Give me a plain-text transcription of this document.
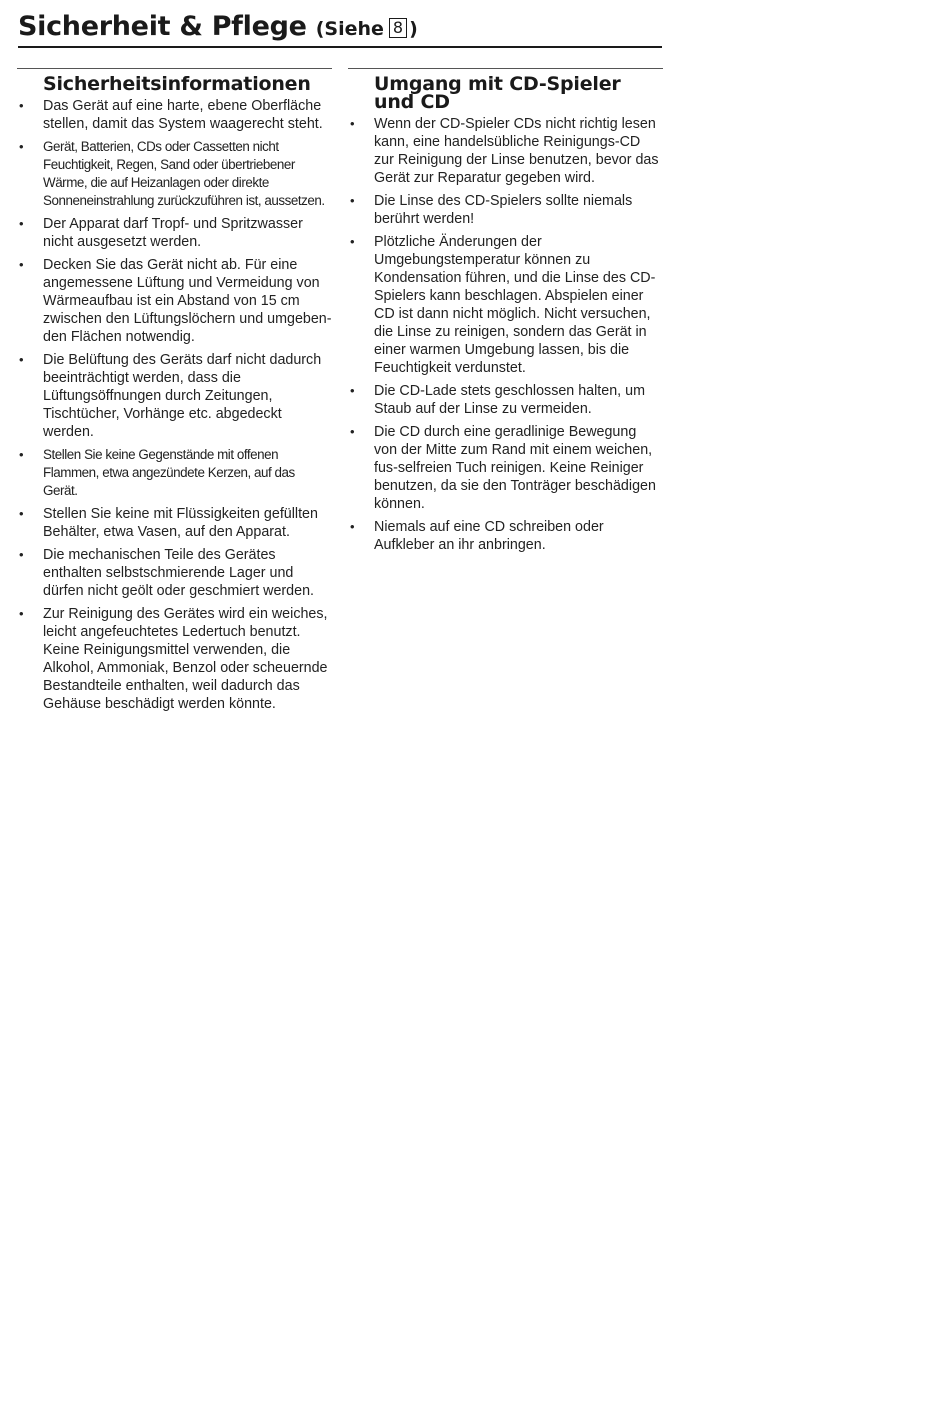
Sicherheit & Pflege (Siehe 8 )
Sicherheitsinformationen
• Das Gerät auf eine harte, ebene Oberfläche stellen, damit das System waagerecht steht.
• Gerät, Batterien, CDs oder Cassetten nicht Feuchtigkeit, Regen, Sand oder übertriebener Wärme, die auf Heizanlagen oder direkte Sonneneinstrahlung zurückzuführen ist, aussetzen.
• Der Apparat darf Tropf- und Spritzwasser nicht ausgesetzt werden.
• Decken Sie das Gerät nicht ab. Für eine angemessene Lüftung und Vermeidung von Wärmeaufbau ist ein Abstand von 15 cm zwischen den Lüftungslöchern und umgeben-den Flächen notwendig.
• Die Belüftung des Geräts darf nicht dadurch beeinträchtigt werden, dass die Lüftungsöffnungen durch Zeitungen, Tischtücher, Vorhänge etc. abgedeckt werden.
• Stellen Sie keine Gegenstände mit offenen Flammen, etwa angezündete Kerzen, auf das Gerät.
• Stellen Sie keine mit Flüssigkeiten gefüllten Behälter, etwa Vasen, auf den Apparat.
• Die mechanischen Teile des Gerätes enthalten selbstschmierende Lager und dürfen nicht geölt oder geschmiert werden.
• Zur Reinigung des Gerätes wird ein weiches, leicht angefeuchtetes Ledertuch benutzt. Keine Reinigungsmittel verwenden, die Alkohol, Ammoniak, Benzol oder scheuernde Bestandteile enthalten, weil dadurch das Gehäuse beschädigt werden könnte.
Umgang mit CD-Spieler und CD
• Wenn der CD-Spieler CDs nicht richtig lesen kann, eine handelsübliche Reinigungs-CD zur Reinigung der Linse benutzen, bevor das Gerät zur Reparatur gegeben wird.
• Die Linse des CD-Spielers sollte niemals berührt werden!
• Plötzliche Änderungen der Umgebungstemperatur können zu Kondensation führen, und die Linse des CD-Spielers kann beschlagen. Abspielen einer CD ist dann nicht möglich. Nicht versuchen, die Linse zu reinigen, sondern das Gerät in einer warmen Umgebung lassen, bis die Feuchtigkeit verdunstet.
• Die CD-Lade stets geschlossen halten, um Staub auf der Linse zu vermeiden.
• Die CD durch eine geradlinige Bewegung von der Mitte zum Rand mit einem weichen, fus-selfreien Tuch reinigen. Keine Reiniger benutzen, da sie den Tonträger beschädigen können.
• Niemals auf eine CD schreiben oder Aufkleber an ihr anbringen.
